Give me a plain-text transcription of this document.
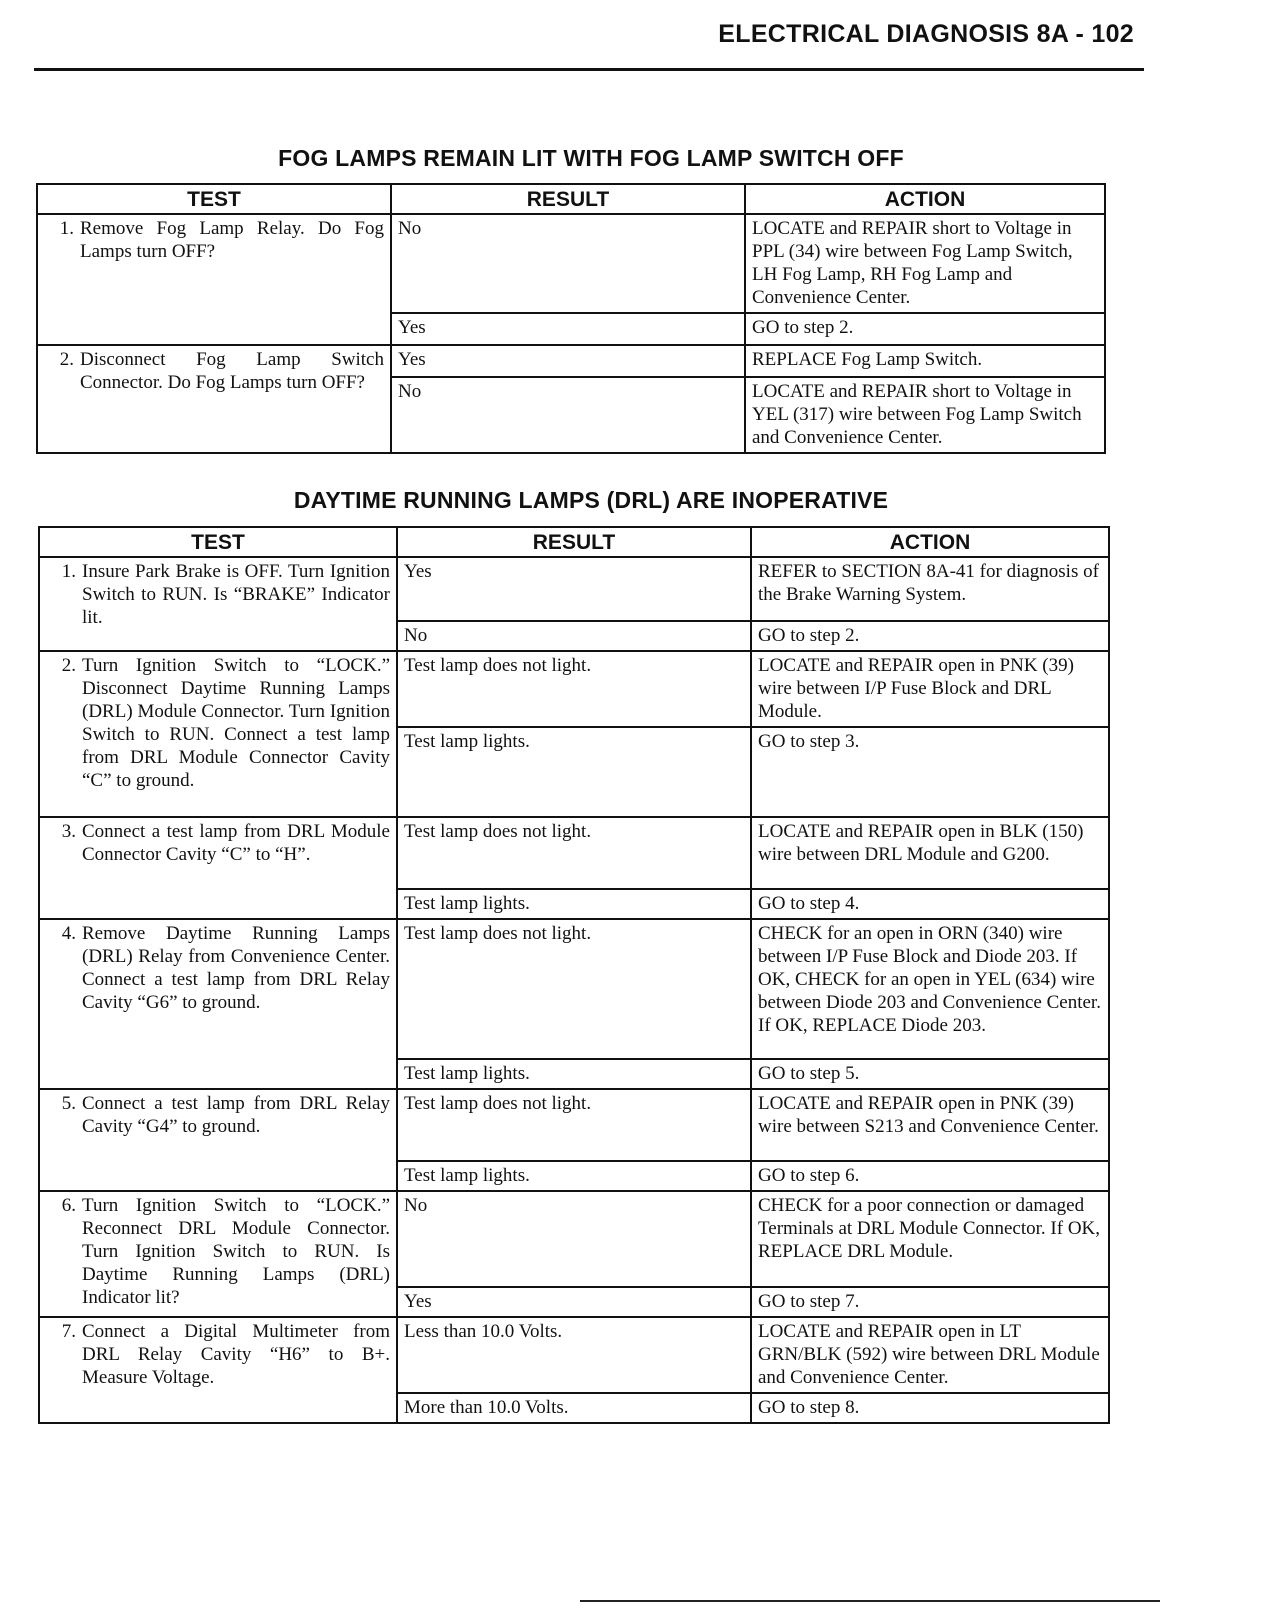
ELECTRICAL DIAGNOSIS 8A - 102
FOG LAMPS REMAIN LIT WITH FOG LAMP SWITCH OFF
TEST	RESULT	ACTION

1. Remove Fog Lamp Relay. Do Fog Lamps turn OFF?	No	LOCATE and REPAIR short to Voltage in PPL (34) wire between Fog Lamp Switch, LH Fog Lamp, RH Fog Lamp and Convenience Center.
	Yes	GO to step 2.

2. Disconnect Fog Lamp Switch Connector. Do Fog Lamps turn OFF?	Yes	REPLACE Fog Lamp Switch.
	No	LOCATE and REPAIR short to Voltage in YEL (317) wire between Fog Lamp Switch and Convenience Center.
DAYTIME RUNNING LAMPS (DRL) ARE INOPERATIVE
TEST	RESULT	ACTION

1. Insure Park Brake is OFF. Turn Ignition Switch to RUN. Is “BRAKE” Indicator lit.	Yes	REFER to SECTION 8A-41 for diagnosis of the Brake Warning System.
	No	GO to step 2.

2. Turn Ignition Switch to “LOCK.” Disconnect Daytime Running Lamps (DRL) Module Connector. Turn Ignition Switch to RUN. Connect a test lamp from DRL Module Connector Cavity “C” to ground.	Test lamp does not light.	LOCATE and REPAIR open in PNK (39) wire between I/P Fuse Block and DRL Module.
	Test lamp lights.	GO to step 3.

3. Connect a test lamp from DRL Module Connector Cavity “C” to “H”.	Test lamp does not light.	LOCATE and REPAIR open in BLK (150) wire between DRL Module and G200.
	Test lamp lights.	GO to step 4.

4. Remove Daytime Running Lamps (DRL) Relay from Convenience Center. Connect a test lamp from DRL Relay Cavity “G6” to ground.	Test lamp does not light.	CHECK for an open in ORN (340) wire between I/P Fuse Block and Diode 203. If OK, CHECK for an open in YEL (634) wire between Diode 203 and Convenience Center. If OK, REPLACE Diode 203.
	Test lamp lights.	GO to step 5.

5. Connect a test lamp from DRL Relay Cavity “G4” to ground.	Test lamp does not light.	LOCATE and REPAIR open in PNK (39) wire between S213 and Convenience Center.
	Test lamp lights.	GO to step 6.

6. Turn Ignition Switch to “LOCK.” Reconnect DRL Module Connector. Turn Ignition Switch to RUN. Is Daytime Running Lamps (DRL) Indicator lit?	No	CHECK for a poor connection or damaged Terminals at DRL Module Connector. If OK, REPLACE DRL Module.
	Yes	GO to step 7.

7. Connect a Digital Multimeter from DRL Relay Cavity “H6” to B+. Measure Voltage.	Less than 10.0 Volts.	LOCATE and REPAIR open in LT GRN/BLK (592) wire between DRL Module and Convenience Center.
	More than 10.0 Volts.	GO to step 8.
